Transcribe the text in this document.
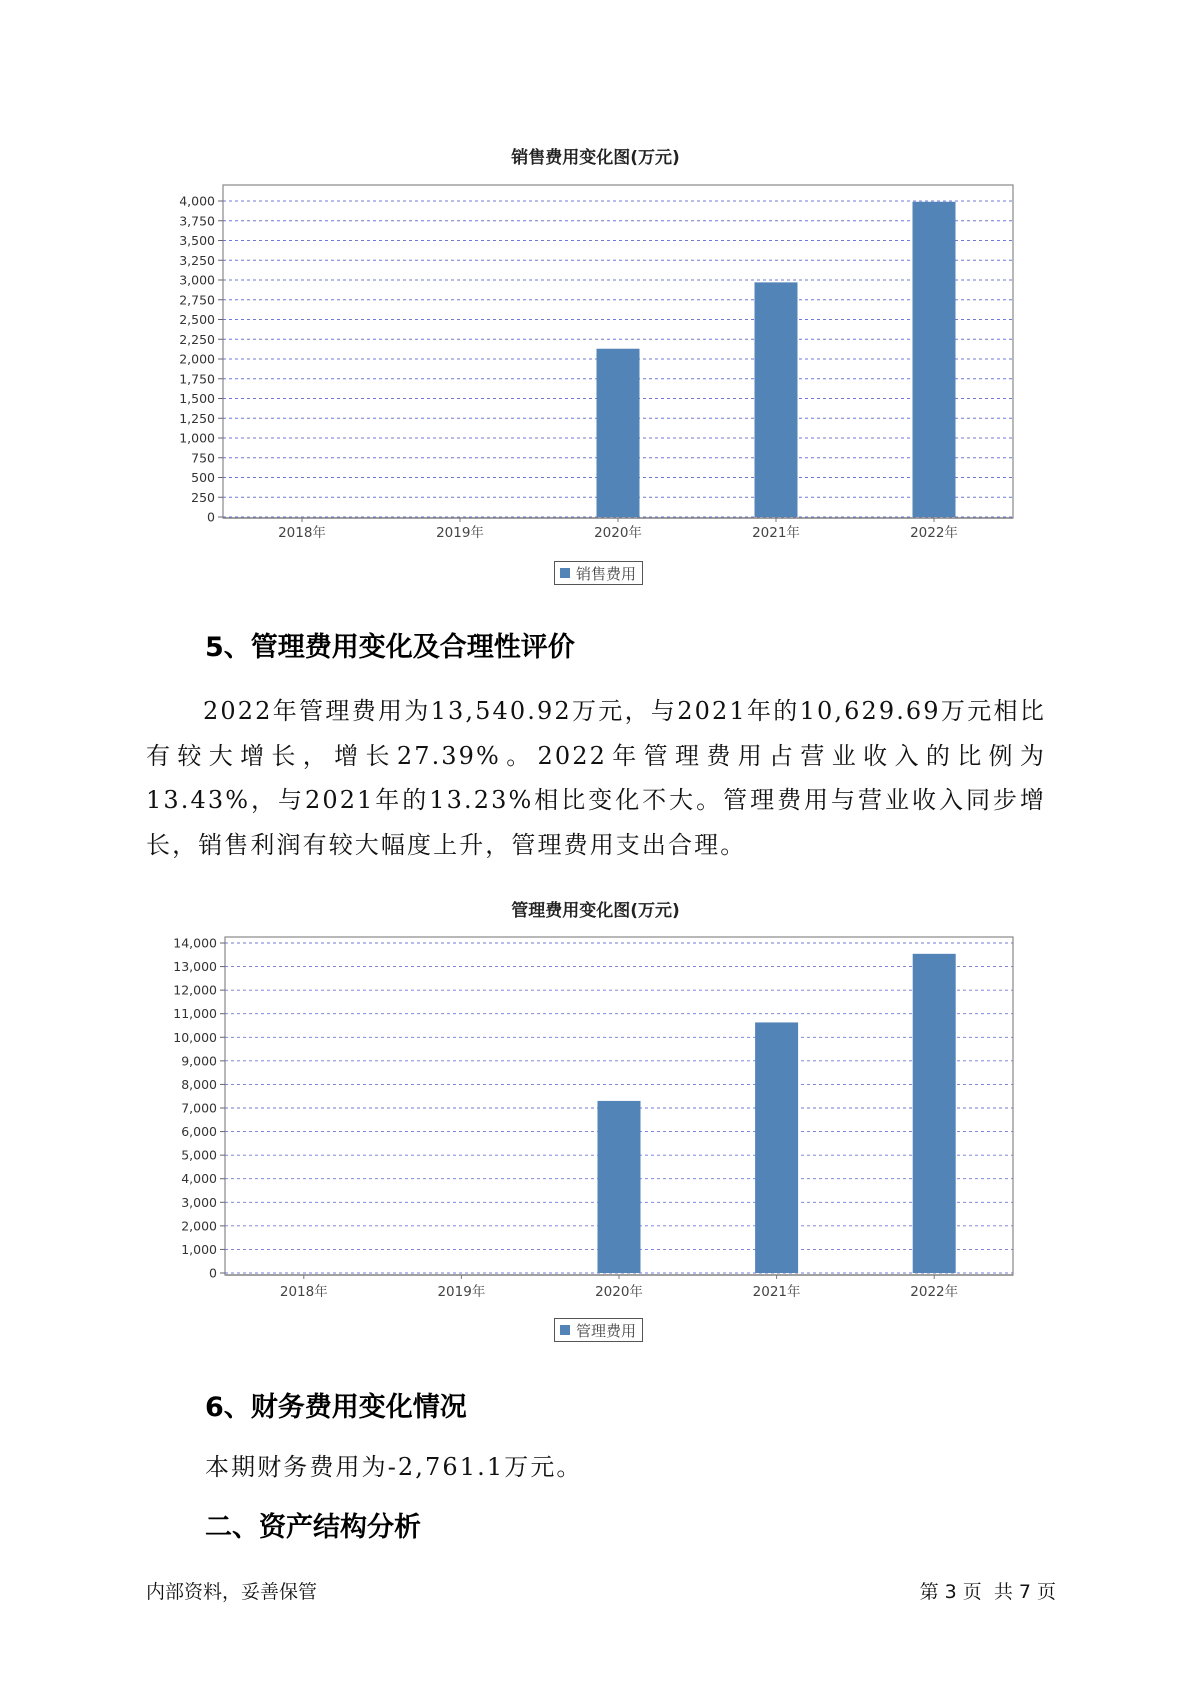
销售费用变化图(万元)
0
250
500
750
1,000
1,250
1,500
1,750
2,000
2,250
2,500
2,750
3,000
3,250
3,500
3,750
4,000
2018年	2019年	2020年	2021年	2022年
销售费用
5、管理费用变化及合理性评价

2022年管理费用为13,540.92万元，与2021年的10,629.69万元相比有较大增长，增长27.39%。2022年管理费用占营业收入的比例为13.43%，与2021年的13.23%相比变化不大。管理费用与营业收入同步增长，销售利润有较大幅度上升，管理费用支出合理。

管理费用变化图(万元)
0
1,000
2,000
3,000
4,000
5,000
6,000
7,000
8,000
9,000
10,000
11,000
12,000
13,000
14,000
2018年	2019年	2020年	2021年	2022年
管理费用
6、财务费用变化情况

本期财务费用为-2,761.1万元。

二、资产结构分析
内部资料，妥善保管	第 3 页  共 7 页
